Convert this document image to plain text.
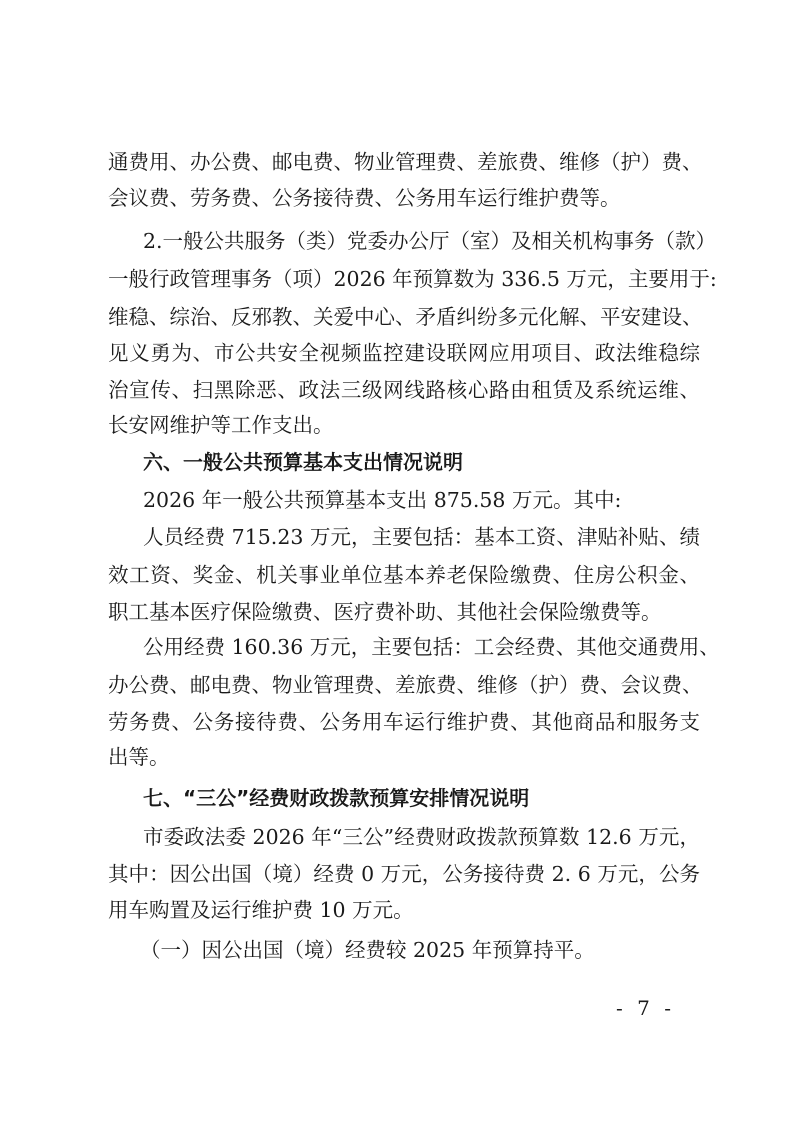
通费用、办公费、邮电费、物业管理费、差旅费、维修（护）费、
会议费、劳务费、公务接待费、公务用车运行维护费等。
2.一般公共服务（类）党委办公厅（室）及相关机构事务（款）
一般行政管理事务（项）2026 年预算数为 336.5 万元，主要用于:
维稳、综治、反邪教、关爱中心、矛盾纠纷多元化解、平安建设、
见义勇为、市公共安全视频监控建设联网应用项目、政法维稳综
治宣传、扫黑除恶、政法三级网线路核心路由租赁及系统运维、
长安网维护等工作支出。
六、一般公共预算基本支出情况说明
2026 年一般公共预算基本支出 875.58 万元。其中:
人员经费 715.23 万元，主要包括：基本工资、津贴补贴、绩
效工资、奖金、机关事业单位基本养老保险缴费、住房公积金、
职工基本医疗保险缴费、医疗费补助、其他社会保险缴费等。
公用经费 160.36 万元，主要包括：工会经费、其他交通费用、
办公费、邮电费、物业管理费、差旅费、维修（护）费、会议费、
劳务费、公务接待费、公务用车运行维护费、其他商品和服务支
出等。
七、“三公”经费财政拨款预算安排情况说明
市委政法委 2026 年“三公”经费财政拨款预算数 12.6 万元，
其中：因公出国（境）经费 0 万元，公务接待费 2. 6 万元，公务
用车购置及运行维护费 10 万元。
（一）因公出国（境）经费较 2025 年预算持平。
- 7 -
